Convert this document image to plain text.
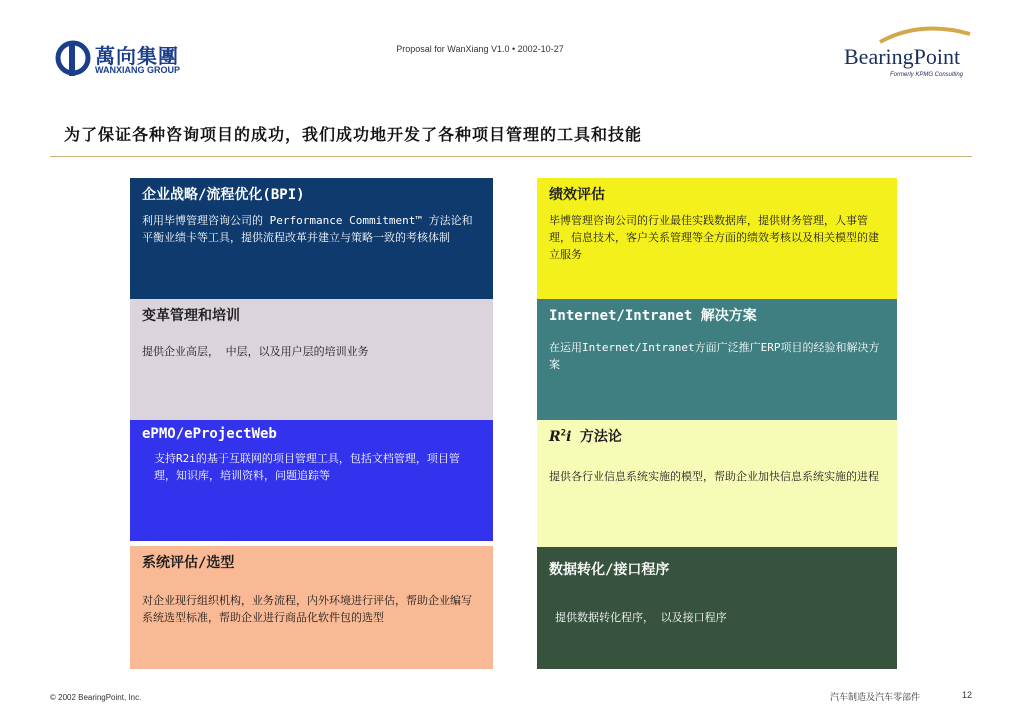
萬向集團
WANXIANG GROUP
Proposal for WanXiang V1.0 • 2002-10-27	BearingPoint
Formerly KPMG Consulting
为了保证各种咨询项目的成功，我们成功地开发了各种项目管理的工具和技能
企业战略/流程优化(BPI)
利用毕博管理咨询公司的 Performance Commitment™ 方法论和平衡业绩卡等工具，提供流程改革并建立与策略一致的考核体制
绩效评估
毕博管理咨询公司的行业最佳实践数据库，提供财务管理，人事管理，信息技术，客户关系管理等全方面的绩效考核以及相关模型的建立服务
变革管理和培训
提供企业高层， 中层，以及用户层的培训业务
Internet/Intranet 解决方案
在运用Internet/Intranet方面广泛推广ERP项目的经验和解决方案
ePMO/eProjectWeb
支持R2i的基于互联网的项目管理工具，包括文档管理，项目管理，知识库，培训资料，问题追踪等
$R^2i$ 方法论
提供各行业信息系统实施的模型，帮助企业加快信息系统实施的进程
系统评估/选型
对企业现行组织机构，业务流程，内外环境进行评估，帮助企业编写系统选型标准，帮助企业进行商品化软件包的选型
数据转化/接口程序
提供数据转化程序， 以及接口程序
© 2002 BearingPoint, Inc.	汽车制造及汽车零部件	12
